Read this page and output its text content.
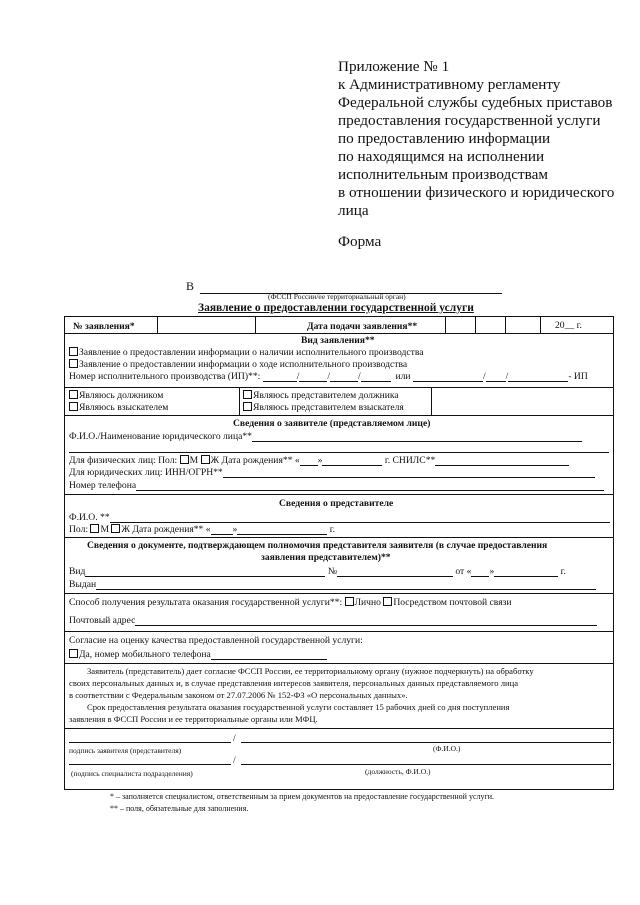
Приложение № 1
к Административному регламенту
Федеральной службы судебных приставов
предоставления государственной услуги
по предоставлению информации
по находящимся на исполнении
исполнительным производствам
в отношении физического и юридического
лица
Форма
В
(ФССП России/ее территориальный орган)
Заявление о предоставлении государственной услуги
№ заявления*	Дата подачи заявления**	20__ г.
Вид заявления**
Заявление о предоставлении информации о наличии исполнительного производства
Заявление о предоставлении информации о ходе исполнительного производства
Номер исполнительного производства (ИП)**:	/	/	/	или	/ /	- ИП
Являюсь должником
Являюсь взыскателем
Являюсь представителем должника
Являюсь представителем взыскателя
Сведения о заявителе (представляемом лице)
Ф.И.О./Наименование юридического лица**
Для физических лиц: Пол: М Ж Дата рождения** « »	г. СНИЛС**
Для юридических лиц: ИНН/ОГРН**
Номер телефона
Сведения о представителе
Ф.И.О. **
Пол: М Ж Дата рождения** « »	г.
Сведения о документе, подтверждающем полномочия представителя заявителя (в случае предоставления
заявления представителем)**
Вид	№	от « »	г.
Выдан
Способ получения результата оказания государственной услуги**: Лично Посредством почтовой связи
Почтовый адрес
Согласие на оценку качества предоставленной государственной услуги:
Да, номер мобильного телефона
Заявитель (представитель) дает согласие ФССП России, ее территориальному органу (нужное подчеркнуть) на обработку
своих персональных данных и, в случае представления интересов заявителя, персональных данных представляемого лица
в соответствии с Федеральным законом от 27.07.2006 № 152-ФЗ «О персональных данных».
Срок предоставления результата оказания государственной услуги составляет 15 рабочих дней со дня поступления
заявления в ФССП России и ее территориальные органы или МФЦ.
/
подпись заявителя (представителя)	(Ф.И.О.)
/
(подпись специалиста подразделения)	(должность, Ф.И.О.)
* – заполняется специалистом, ответственным за прием документов на предоставление государственной услуги.
** – поля, обязательные для заполнения.
